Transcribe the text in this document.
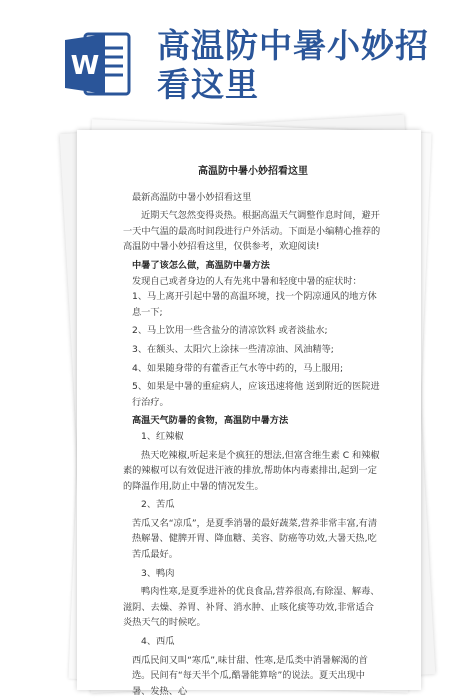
W
高温防中暑小妙招
看这里
高温防中暑小妙招看这里

最新高温防中暑小妙招看这里

近期天气忽然变得炎热。根据高温天气调整作息时间，避开一天中气温的最高时间段进行户外活动。下面是小编精心推荐的高温防中暑小妙招看这里，仅供参考，欢迎阅读!

中暑了该怎么做，高温防中暑方法

发现自己或者身边的人有先兆中暑和轻度中暑的症状时：

1、马上离开引起中暑的高温环境，找一个阴凉通风的地方休息一下;

2、马上饮用一些含盐分的清凉饮料 或者淡盐水;

3、在额头、太阳穴上涂抹一些清凉油、风油精等;

4、如果随身带的有藿香正气水等中药的，马上服用;

5、如果是中暑的重症病人，应该迅速将他 送到附近的医院进行治疗。

高温天气防暑的食物，高温防中暑方法

1、红辣椒

热天吃辣椒,听起来是个疯狂的想法,但富含维生素 C 和辣椒素的辣椒可以有效促进汗液的排放,帮助体内毒素排出,起到一定的降温作用,防止中暑的情况发生。

2、苦瓜

苦瓜又名“凉瓜”，是夏季消暑的最好蔬菜,营养非常丰富,有清热解暑、健脾开胃、降血糖、美容、防癌等功效,大暑天热,吃苦瓜最好。

3、鸭肉

鸭肉性寒,是夏季进补的优良食品,营养很高,有除湿、解毒、滋阴、去燥、养胃、补肾、消水肿、止咳化痰等功效,非常适合炎热天气的时候吃。

4、西瓜

西瓜民间又叫“寒瓜”,味甘甜、性寒,是瓜类中消暑解渴的首选。民间有“每天半个瓜,酷暑能算啥”的说法。夏天出现中暑、发热、心
